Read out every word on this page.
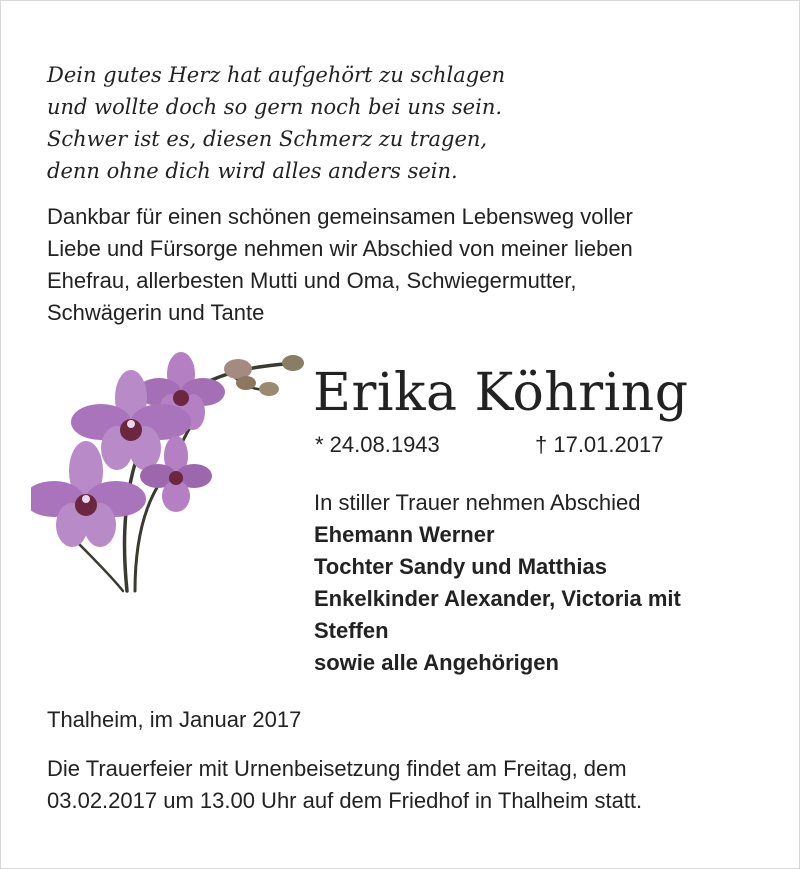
Dein gutes Herz hat aufgehört zu schlagen
und wollte doch so gern noch bei uns sein.
Schwer ist es, diesen Schmerz zu tragen,
denn ohne dich wird alles anders sein.
Dankbar für einen schönen gemeinsamen Lebensweg voller
Liebe und Fürsorge nehmen wir Abschied von meiner lieben
Ehefrau, allerbesten Mutti und Oma, Schwiegermutter,
Schwägerin und Tante
Erika Köhring
* 24.08.1943	† 17.01.2017
In stiller Trauer nehmen Abschied
Ehemann Werner
Tochter Sandy und Matthias
Enkelkinder Alexander, Victoria mit
Steffen
sowie alle Angehörigen
Thalheim, im Januar 2017
Die Trauerfeier mit Urnenbeisetzung findet am Freitag, dem
03.02.2017 um 13.00 Uhr auf dem Friedhof in Thalheim statt.
